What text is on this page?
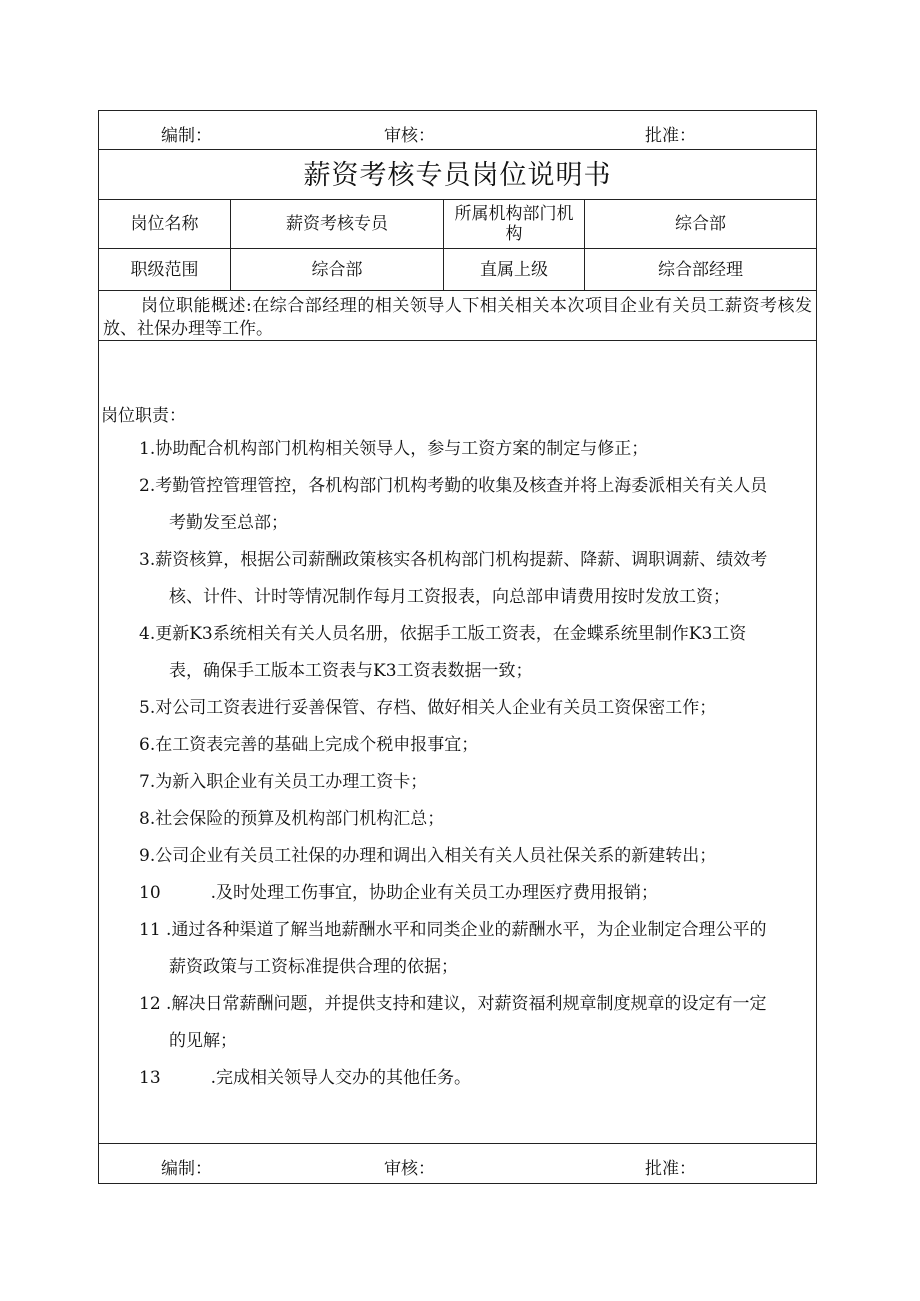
编制：	审核：	批准：
薪资考核专员岗位说明书
岗位名称	薪资考核专员	所属机构部门机构	综合部
职级范围	综合部	直属上级	综合部经理
岗位职能概述:在综合部经理的相关领导人下相关相关本次项目企业有关员工薪资考核发放、社保办理等工作。
岗位职责：
1.协助配合机构部门机构相关领导人，参与工资方案的制定与修正；
2.考勤管控管理管控，各机构部门机构考勤的收集及核查并将上海委派相关有关人员
考勤发至总部；
3.薪资核算，根据公司薪酬政策核实各机构部门机构提薪、降薪、调职调薪、绩效考
核、计件、计时等情况制作每月工资报表，向总部申请费用按时发放工资；
4.更新K3系统相关有关人员名册，依据手工版工资表，在金蝶系统里制作K3工资
表，确保手工版本工资表与K3工资表数据一致；
5.对公司工资表进行妥善保管、存档、做好相关人企业有关员工资保密工作；
6.在工资表完善的基础上完成个税申报事宜；
7.为新入职企业有关员工办理工资卡；
8.社会保险的预算及机构部门机构汇总；
9.公司企业有关员工社保的办理和调出入相关有关人员社保关系的新建转出；
10	.及时处理工伤事宜，协助企业有关员工办理医疗费用报销；
11 .通过各种渠道了解当地薪酬水平和同类企业的薪酬水平，为企业制定合理公平的
薪资政策与工资标准提供合理的依据；
12 .解决日常薪酬问题，并提供支持和建议，对薪资福利规章制度规章的设定有一定
的见解；
13	.完成相关领导人交办的其他任务。
编制：	审核：	批准：
